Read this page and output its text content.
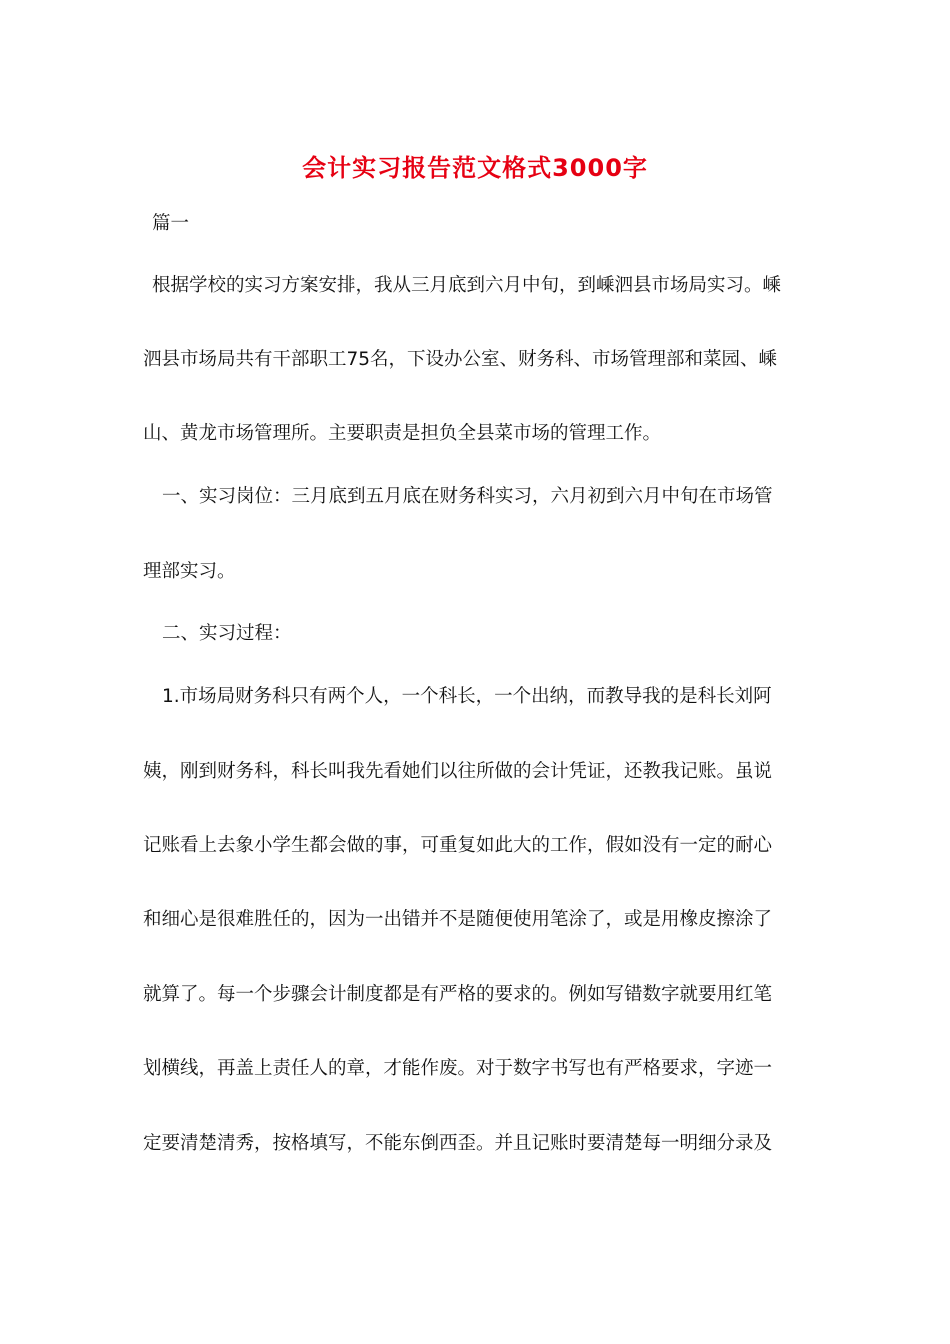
会计实习报告范文格式3000字
篇一
根据学校的实习方案安排，我从三月底到六月中旬，到嵊泗县市场局实习。嵊
泗县市场局共有干部职工75名，下设办公室、财务科、市场管理部和菜园、嵊
山、黄龙市场管理所。主要职责是担负全县菜市场的管理工作。
一、实习岗位：三月底到五月底在财务科实习，六月初到六月中旬在市场管
理部实习。
二、实习过程：
1.市场局财务科只有两个人，一个科长，一个出纳，而教导我的是科长刘阿
姨，刚到财务科，科长叫我先看她们以往所做的会计凭证，还教我记账。虽说
记账看上去象小学生都会做的事，可重复如此大的工作，假如没有一定的耐心
和细心是很难胜任的，因为一出错并不是随便使用笔涂了，或是用橡皮擦涂了
就算了。每一个步骤会计制度都是有严格的要求的。例如写错数字就要用红笔
划横线，再盖上责任人的章，才能作废。对于数字书写也有严格要求，字迹一
定要清楚清秀，按格填写，不能东倒西歪。并且记账时要清楚每一明细分录及
